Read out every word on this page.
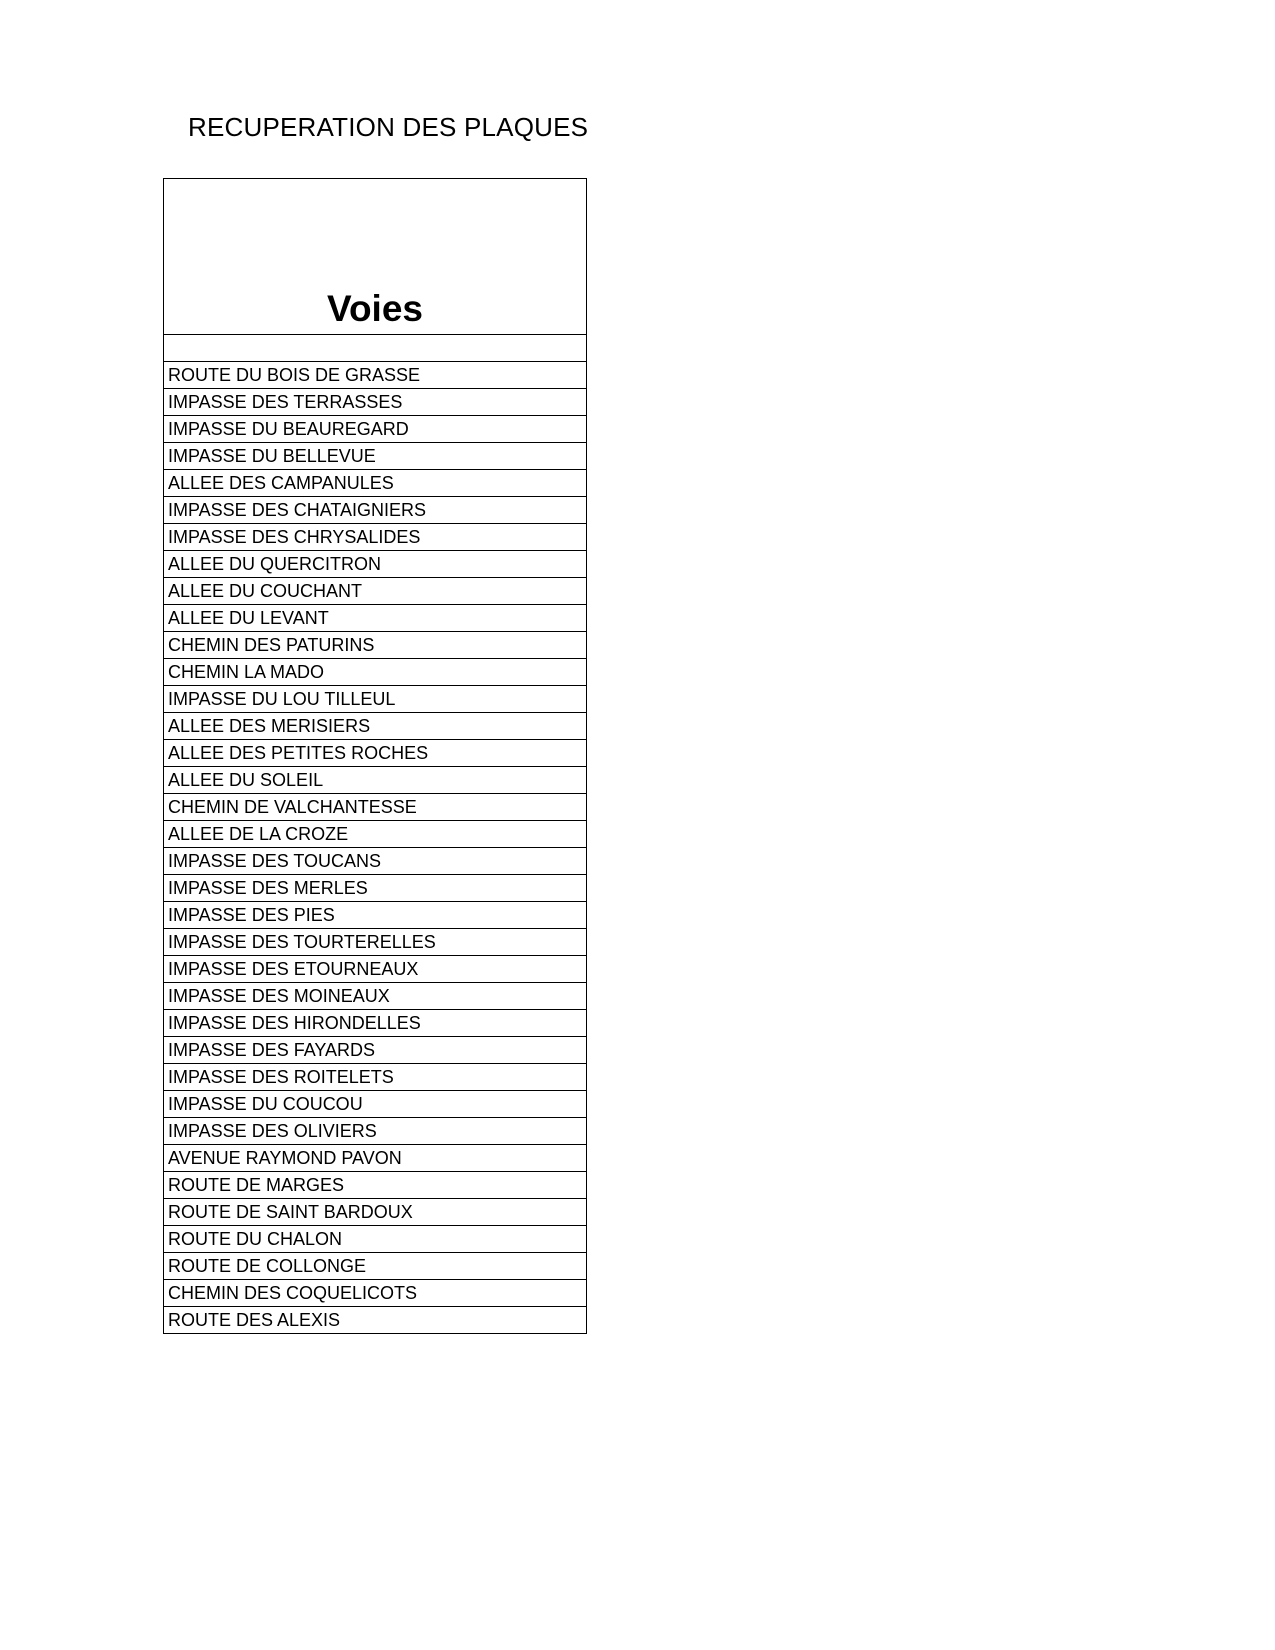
RECUPERATION DES PLAQUES
Voies

ROUTE DU BOIS DE GRASSE
IMPASSE DES TERRASSES
IMPASSE DU BEAUREGARD
IMPASSE DU BELLEVUE
ALLEE DES CAMPANULES
IMPASSE DES CHATAIGNIERS
IMPASSE DES CHRYSALIDES
ALLEE DU QUERCITRON
ALLEE DU COUCHANT
ALLEE DU LEVANT
CHEMIN DES PATURINS
CHEMIN LA MADO
IMPASSE DU LOU TILLEUL
ALLEE DES MERISIERS
ALLEE DES PETITES ROCHES
ALLEE DU SOLEIL
CHEMIN DE VALCHANTESSE
ALLEE DE LA CROZE
IMPASSE DES TOUCANS
IMPASSE DES MERLES
IMPASSE DES PIES
IMPASSE DES TOURTERELLES
IMPASSE DES ETOURNEAUX
IMPASSE DES MOINEAUX
IMPASSE DES HIRONDELLES
IMPASSE DES FAYARDS
IMPASSE DES ROITELETS
IMPASSE DU COUCOU
IMPASSE DES OLIVIERS
AVENUE RAYMOND PAVON
ROUTE DE MARGES
ROUTE DE SAINT BARDOUX
ROUTE DU CHALON
ROUTE DE COLLONGE
CHEMIN DES COQUELICOTS
ROUTE DES ALEXIS
